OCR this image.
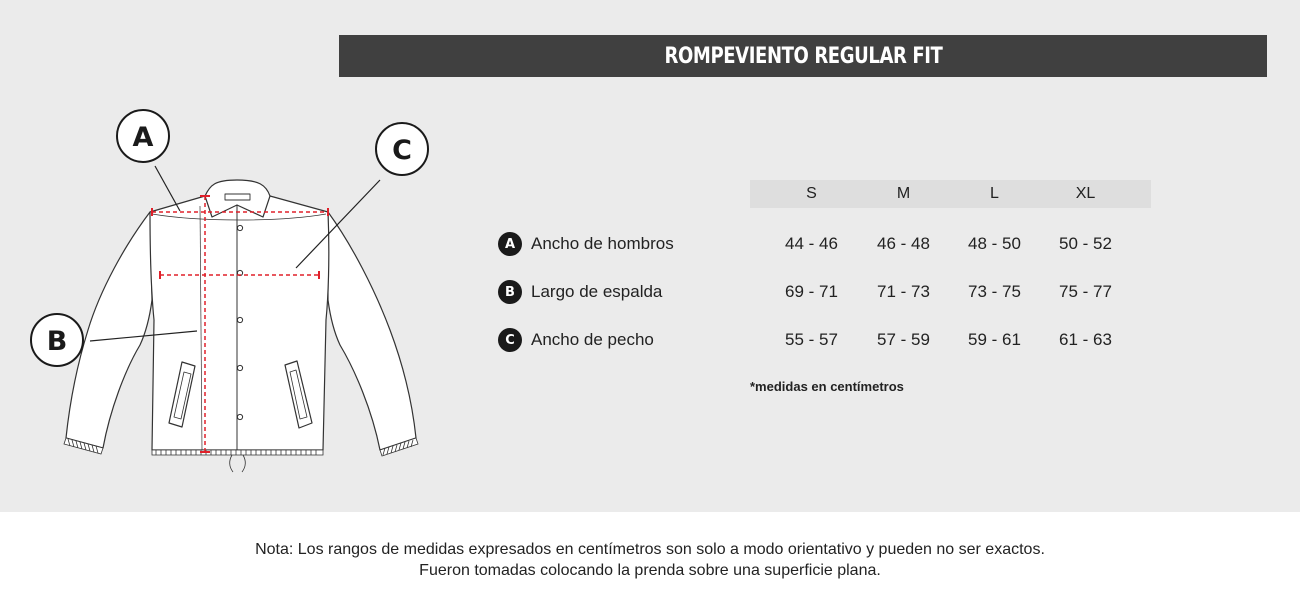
ROMPEVIENTO REGULAR FIT
A	C
B
S	M	L	XL
A Ancho de hombros	44 - 46	46 - 48	48 - 50	50 - 52
B Largo de espalda	69 - 71	71 - 73	73 - 75	75 - 77
C Ancho de pecho	55 - 57	57 - 59	59 - 61	61 - 63
*medidas en centímetros
Nota: Los rangos de medidas expresados en centímetros son solo a modo orientativo y pueden no ser exactos.
Fueron tomadas colocando la prenda sobre una superficie plana.
